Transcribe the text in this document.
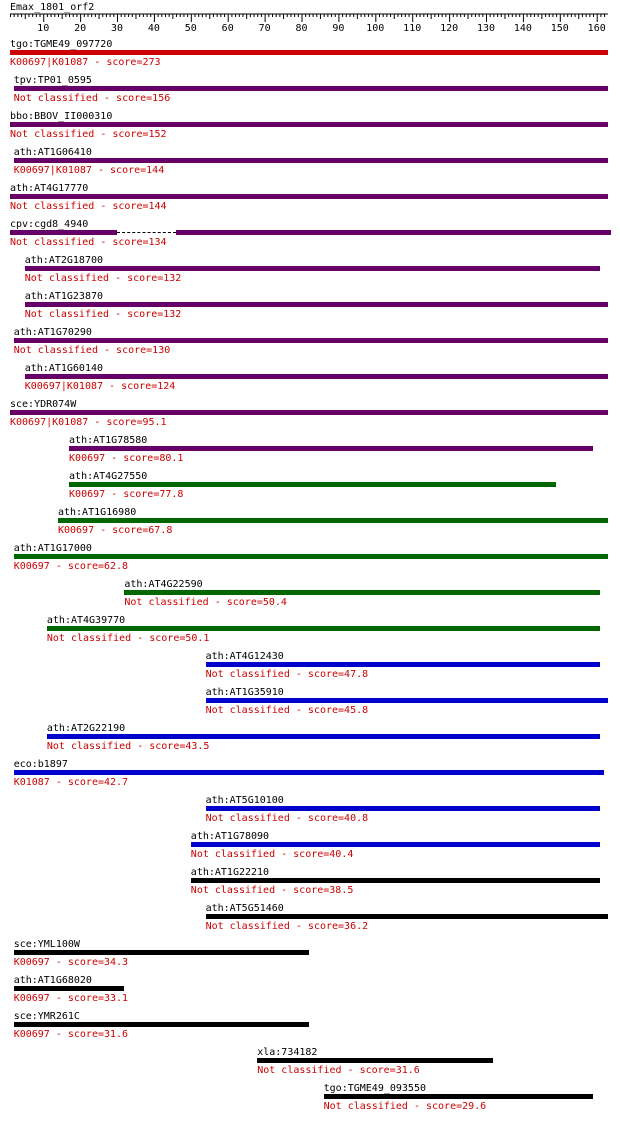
Emax_1801_orf2
10 20 30 40 50 60 70 80 90 100 110 120 130 140 150 160
tgo:TGME49_097720
K00697|K01087 - score=273
tpv:TP01_0595
Not classified - score=156
bbo:BBOV_II000310
Not classified - score=152
ath:AT1G06410
K00697|K01087 - score=144
ath:AT4G17770
Not classified - score=144
cpv:cgd8_4940
Not classified - score=134
ath:AT2G18700
Not classified - score=132
ath:AT1G23870
Not classified - score=132
ath:AT1G70290
Not classified - score=130
ath:AT1G60140
K00697|K01087 - score=124
sce:YDR074W
K00697|K01087 - score=95.1
ath:AT1G78580
K00697 - score=80.1
ath:AT4G27550
K00697 - score=77.8
ath:AT1G16980
K00697 - score=67.8
ath:AT1G17000
K00697 - score=62.8
ath:AT4G22590
Not classified - score=50.4
ath:AT4G39770
Not classified - score=50.1
ath:AT4G12430
Not classified - score=47.8
ath:AT1G35910
Not classified - score=45.8
ath:AT2G22190
Not classified - score=43.5
eco:b1897
K01087 - score=42.7
ath:AT5G10100
Not classified - score=40.8
ath:AT1G78090
Not classified - score=40.4
ath:AT1G22210
Not classified - score=38.5
ath:AT5G51460
Not classified - score=36.2
sce:YML100W
K00697 - score=34.3
ath:AT1G68020
K00697 - score=33.1
sce:YMR261C
K00697 - score=31.6
xla:734182
Not classified - score=31.6
tgo:TGME49_093550
Not classified - score=29.6
